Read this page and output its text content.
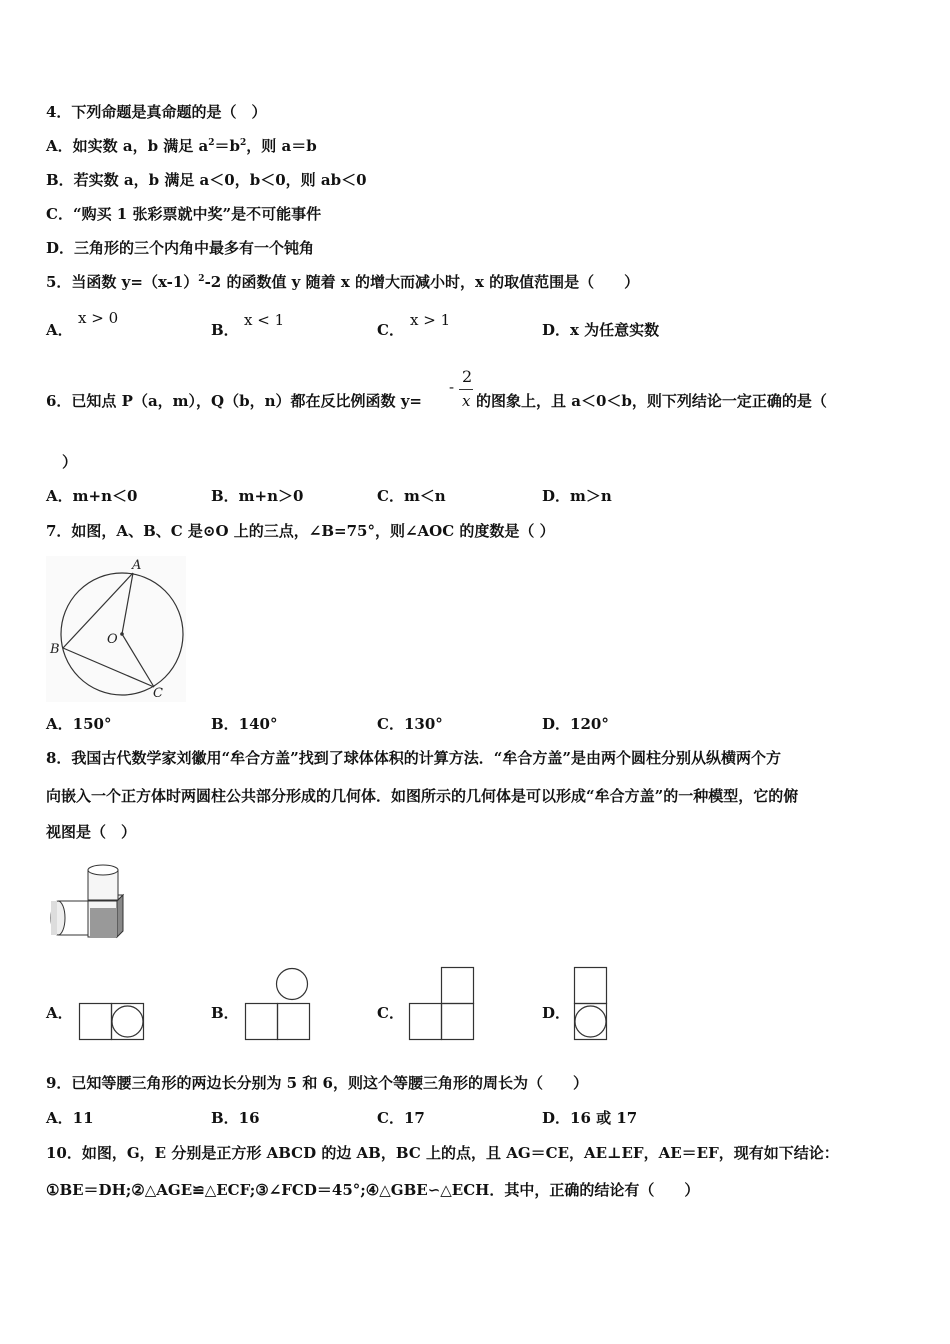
4．下列命题是真命题的是（　）
A．如实数 a，b 满足 $a^2=b^2$，则 a＝b
B．若实数 a，b 满足 a＜0，b＜0，则 ab＜0
C．“购买 1 张彩票就中奖”是不可能事件
D．三角形的三个内角中最多有一个钝角
5．当函数 $y=(x-1)^2-2$ 的函数值 y 随着 x 的增大而减小时，x 的取值范围是（　　）
A．
x > 0
B．
x < 1
C．
x > 1
D．x 为任意实数
6．已知点 P（a，m），Q（b，n）都在反比例函数 y=
-
2
x 的图象上，且 a＜0＜b，则下列结论一定正确的是（
）
A．m+n＜0	B．m+n＞0	C．m＜n	D．m＞n
7．如图，A、B、C 是⊙O 上的三点，∠B=75°，则∠AOC 的度数是（ ）
A
B
C
O
A．150°	B．140°	C．130°	D．120°
8．我国古代数学家刘徽用“牟合方盖”找到了球体体积的计算方法．“牟合方盖”是由两个圆柱分别从纵横两个方
向嵌入一个正方体时两圆柱公共部分形成的几何体．如图所示的几何体是可以形成“牟合方盖”的一种模型，它的俯
视图是（　）
A．	B．	C．	D．
9．已知等腰三角形的两边长分别为 5 和 6，则这个等腰三角形的周长为（　　）
A．11	B．16	C．17	D．16 或 17
10．如图，G，E 分别是正方形 ABCD 的边 AB，BC 上的点，且 AG＝CE，AE⊥EF，AE＝EF，现有如下结论：
①BE＝DH;②△AGE≌△ECF;③∠FCD＝45°;④△GBE∽△ECH．其中，正确的结论有（　　）
